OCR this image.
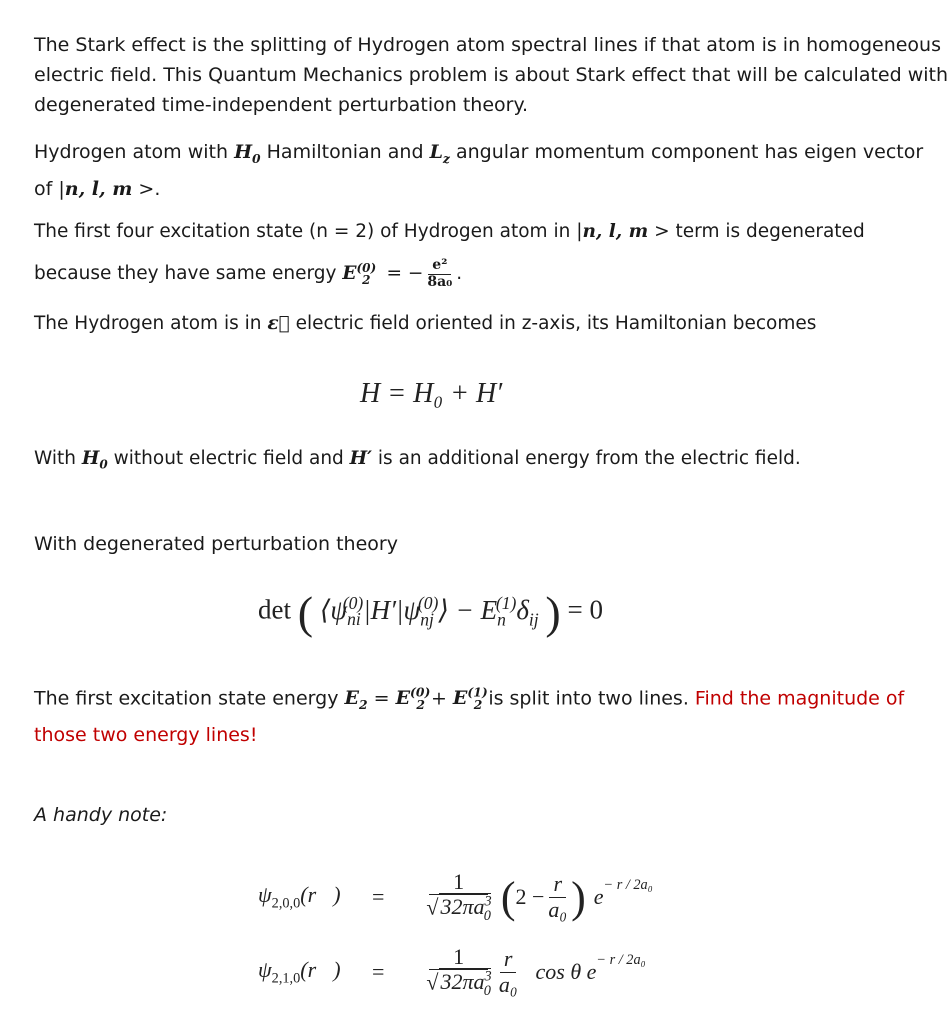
The Stark effect is the splitting of Hydrogen atom spectral lines if that atom is in homogeneous
electric field. This Quantum Mechanics problem is about Stark effect that will be calculated with
degenerated time-independent perturbation theory.
Hydrogen atom with $H_0$ Hamiltonian and $L_z$ angular momentum component has eigen vector
of |n, l, m >.
The first four excitation state (n = 2) of Hydrogen atom in |n, l, m > term is degenerated
because they have same energy $E^{(0)}_2$ = − $\frac{\text{e²}}{\text{8a₀}}$ .
The Hydrogen atom is in ε⃗ electric field oriented in z-axis, its Hamiltonian becomes
H = H₀ + H′
With $H_0$ without electric field and H′ is an additional energy from the electric field.
With degenerated perturbation theory
det ( $⟨\psi_{ni}^{(0)}|H'|\psi_{nj}^{(0)}⟩ - E_n^{(1)}\delta_{ij}$ ) = 0
The first excitation state energy $E_2 = E^{(0)}_2 + E^{(1)}_2$ is split into two lines. Find the magnitude of
those two energy lines!
A handy note:
$\psi_{2,0,0}(r⃗)$	= $\frac{1}{√32\pi a^3_0}$ ( $2 - \frac{r}{\text{a₀}}$ ) $e^{- r / 2a_0}$
$\psi_{2,1,0}(r⃗)$	= $\frac{1}{√32\pi a^3_0} \frac{r}{\text{a₀}}$ cos θ $e^{- r / 2a_0}$
